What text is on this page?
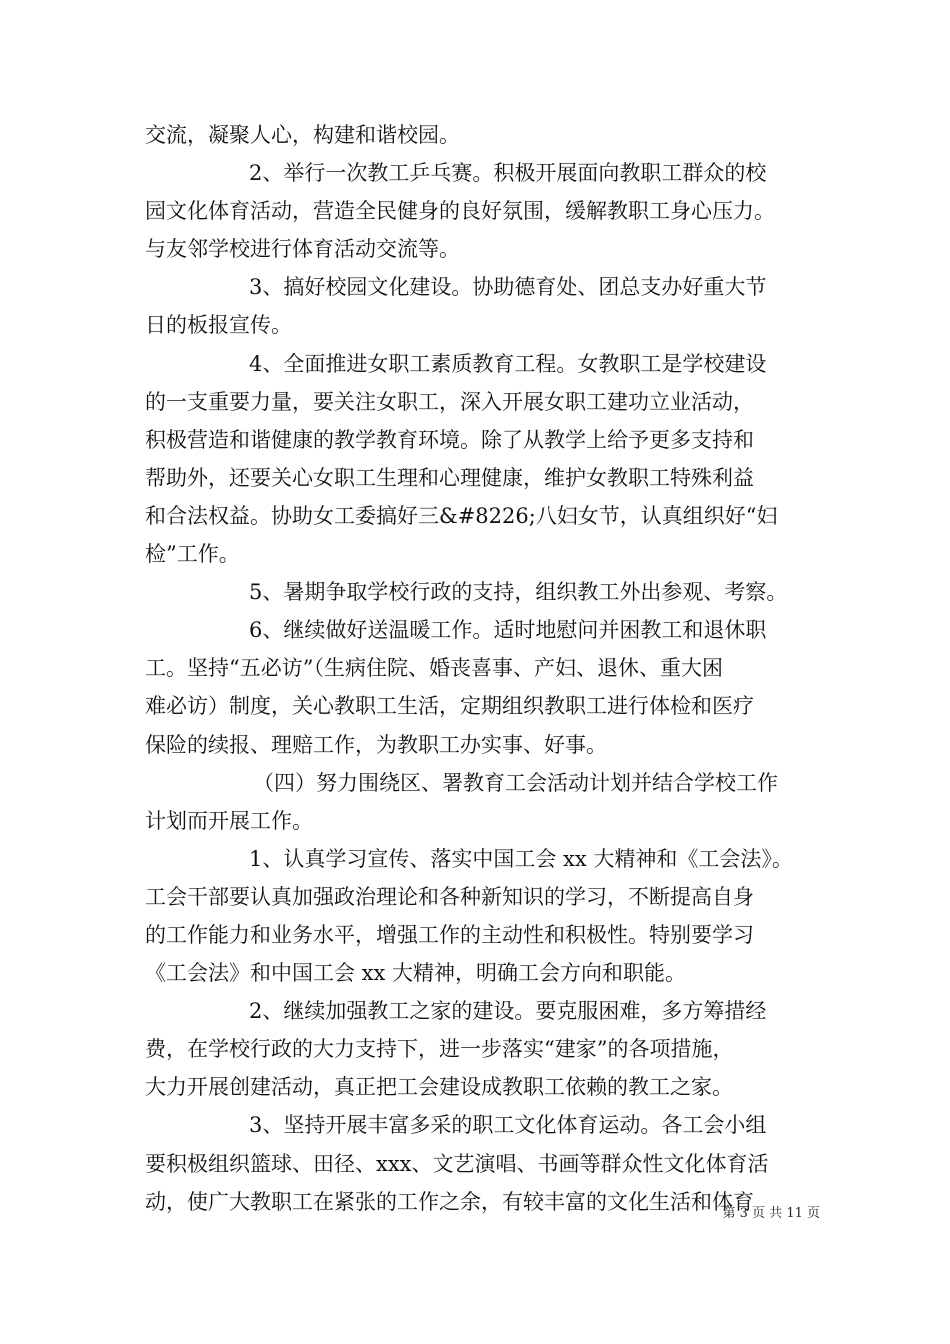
交流，凝聚人心，构建和谐校园。
2、举行一次教工乒乓赛。积极开展面向教职工群众的校
园文化体育活动，营造全民健身的良好氛围，缓解教职工身心压力。
与友邻学校进行体育活动交流等。
3、搞好校园文化建设。协助德育处、团总支办好重大节
日的板报宣传。
4、全面推进女职工素质教育工程。女教职工是学校建设
的一支重要力量，要关注女职工，深入开展女职工建功立业活动，
积极营造和谐健康的教学教育环境。除了从教学上给予更多支持和
帮助外，还要关心女职工生理和心理健康，维护女教职工特殊利益
和合法权益。协助女工委搞好三&#8226;八妇女节，认真组织好“妇
检”工作。
5、暑期争取学校行政的支持，组织教工外出参观、考察。
6、继续做好送温暖工作。适时地慰问并困教工和退休职
工。坚持“五必访”（生病住院、婚丧喜事、产妇、退休、重大困
难必访）制度，关心教职工生活，定期组织教职工进行体检和医疗
保险的续报、理赔工作，为教职工办实事、好事。
（四）努力围绕区、署教育工会活动计划并结合学校工作
计划而开展工作。
1、认真学习宣传、落实中国工会 xx 大精神和《工会法》。
工会干部要认真加强政治理论和各种新知识的学习，不断提高自身
的工作能力和业务水平，增强工作的主动性和积极性。特别要学习
《工会法》和中国工会 xx 大精神，明确工会方向和职能。
2、继续加强教工之家的建设。要克服困难，多方筹措经
费，在学校行政的大力支持下，进一步落实“建家”的各项措施，
大力开展创建活动，真正把工会建设成教职工依赖的教工之家。
3、坚持开展丰富多采的职工文化体育运动。各工会小组
要积极组织篮球、田径、xxx、文艺演唱、书画等群众性文化体育活
动，使广大教职工在紧张的工作之余，有较丰富的文化生活和体育
第 3 页 共 11 页
